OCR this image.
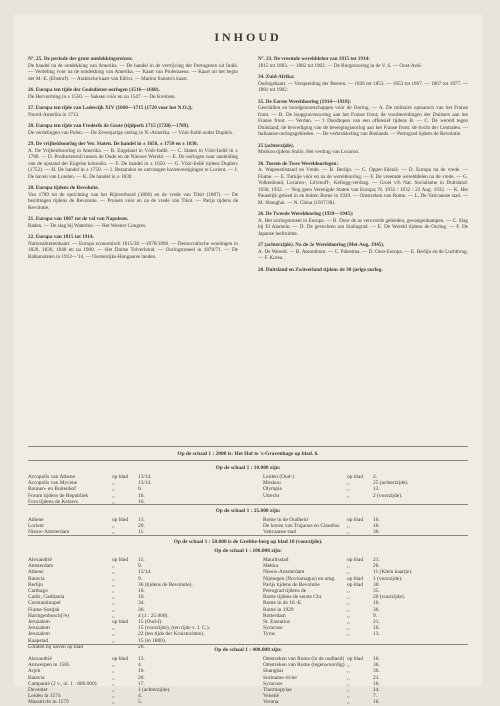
INHOUD
Nº. 25. De periode der grote ontdekkingsreizen:
De handel na de ontdekking van Amerika. — De handel in de vertrijving der Portugezen uit Indië. — Verdeling voor na de ontdekking van Amerika. — Kaart van Ptolemaeus. — Kaart uit het begin der M.-E. (Ebstorf). — Arabische kaart van Edrisi. — Marino Sanuto's kaart.
26. Europa ten tijde der Godsdienst-oorlogen (1516—1660).
De Hervorming in ± 1550. — Saksen vóór en na 1547. — De Kreitsen.
27. Europa ten tijde van Lodewijk XIV (1660—1715 (1720 voor het N.O.)).
Noord-Amerika in 1713.
28. Europa ten tijde van Frederik de Grote (tijdperk 1715 (1720)—1789).
De verdelingen van Polen. — De Zevenjarige oorlog in N.-Amerika. — Vóór-Indië onder Dupleix.
29. De vrijheidsoorlog der Ver. Staten. De handel in ± 1650, ± 1750 en ± 1830.
A. De Vrijheidsoorlog in Amerika. — B. Engeland in Vóór-Indië. — C. Staten in Vóór-Indië in ± 1780. — D. Productenruil tussen de Oude en de Nieuwe Wereld. — E. De oorlogen naar aanleiding van de opstand der Engelse koloniën. — F. De handel in ± 1650. — G. Vóór-Indië tijdens Dupleix (1752). — H. De handel in ± 1750. — I. Bestanden en ontvangen havenvestigingen te Lorient. — J. De haven van Londen. — K. De handel in ± 1830.
20. Europa tijdens de Revolutie.
Van 1789 tot de oprichting van het Rijnverbond (1806) en de vrede van Tilsit (1807). — De bezittingen tijdens de Revolutie. — Pruisen vóór en na de vrede van Tilsit. — Parijs tijdens de Revolutie.
21. Europa van 1807 tot de val van Napoleon.
Baden. — De slag bij Waterloo. — Het Weener Congres.
22. Europa van 1815 tot 1914.
Nationaliteitenkaart. — Europa economisch 1815/30 —1870/1890. — Democratische woelingen in 1820, 1830, 1848 en na 1900. — Het Duitse Tolverbond. — Oorlogstoneel in 1870/71. — De Balkanstaten in 1912—'14. — Oostenrijks-Hongaarse landen.
Nº. 33. De vreemde werelddelen van 1815 tot 1914:
1815 tot 1883. — 1882 tot 1902. — De Burgeroorlog in de V. S. — Oost-Azië.
34. Zuid-Afrika:
Oorlogskaart. — Verspreiding der Boeren. — 1836 tot 1853. — 1853 tot 1867. — 1867 tot 1877. — 1881 tot 1902.
35. De Eerste Wereldoorlog (1914—1918):
Geschillen en bondgenootschappen vóór de Oorlog. — A. De militaire opmarsch van het Franse front. — B. De loopgravenoorlog aan het Franse front; de voorbereidingen der Duitsers aan het Franse front. — Verdun. — 't Doodtopen van een offensief tijdens B. — C. De wereld tegen Duitsland; de bevrediging van de bewegingsoorlog aan het Franse front; de bocht der Centralen. — Italiaanse oorlogsgebieden. — De verbrokkeling van Ruslands. — Petrograd tijdens de Revolutie.
25 (achterzijde).
Moskou tijdens Stalin. Het verdrag van Locarno.
36. Tussen de Twee Wereldoorlogen:
A. Wapenstilstand en Vrede. — B. Berlijn. — C. Opper-Silezië. — D. Europa na de vrede. — Fiume. — E. Turkije vóór en na de wereldoorlog. — F. De vreemde werelddelen na de vrede. — G. Volkenbond, Locarno-, Litvinoff-, Kellogg-verdrag. — Groei v/h Nat. Socialisme in Duitsland: 1930, 1932. — Nog geen Verenigde Staten van Europa; N. 1932 / 1932 / 23 Aug. 1932. — K. Het Pauselijk gebied in en buiten Rome in 1929. — Omstreken van Rome. — L. De Vaticaanse stad. — M. Shanghai. — N. China (1937/38).
26. De Tweede Wereldoorlog (1939—1945):
A. Het oorlogstoneel in Europa. — B. Door de as veroverde gebieden, gevangenkampen. — C. Slag bij El Alamein. — D. De gevechten om Stalingrad. — E. De Wereld tijdens de Oorlog. — F. De Japanse leefruimte.
27 (achterzijde). Na de 2e Wereldoorlog (Mei-Aug. 1945).
A. De Wereld. — B. Atoombom. — C. Palestina. — D. Oost-Europa. — E. Berlijn en de Luchtbrug. — F. Korea.
28. Duitsland en Zwitserland tijdens de 30-jarige oorlog.
Op de schaal 1 : 2000 is: Het Hof te 's-Gravenhage op blad. 6.
Op de schaal 1 : 10.000 zijn:
Acropolis van Athene	op blad	13/14.
Acropolis van Mycene	,,	13/14.
Bonnen- en Buitenhof	,,	6.
Forum tijdens de Republiek	,,	16.
Fora tijdens de Keizers	,,	16.
Leiden (Oud-)	op blad	2.
Moskou	,,	25 (achterzijde).
Olympia	,,	13.
Utrecht	,,	2 (voorzijde).
Op de schaal 1 : 25.000 zijn:
Athene	op blad	13.
Lorient	,,	20.
Nieuw-Amsterdam	,,	11.
Rome in de Oudheid	op blad	16.
De haven van Trajanus en Claudius	,,	16.
Vaticaanse stad	,,	36.
Op de schaal 1 : 50.000 is de Grebbe-berg op blad 10 (voorzijde).
Op de schaal 1 : 100.000 zijn:
Alexandrië	op blad	15.
Amsterdam	,,	9.
Athene	,,	13/14.
Batavia	,,	9.
Berlijn	,,	36 (tijdens de Revolutie).
Carthago	,,	16.
Cadiz, Gaditania	,,	16.
Constantinopel	,,	34.
Fiume-Sostjak	,,	36.
Haringenbosch(?e)	,,	4 (1 : 25.000).
Jeruzalem	op blad	15 (Oud-I).
Jeruzalem	,,	15 (voorzijde), (ten tijde v. J. C.).
Jeruzalem	,,	22 (ten tijde der Kruistochten).
Kaapstad	,,	15 (in 1800).
Londen bij haven op blad	20.
Mauritsstad	op blad	21.
Mekka	,,	26.
Nieuw-Amsterdam	,,	11 (Klein kaartje).
Nijmegen (Noviomagus) en omg.	op blad	1 (voorzijde).
Parijs tijdens de Revolutie	op blad	30.
Petrograd tijdens de	,,	35.
Rome tijdens de eerste Chr.	,,	20 (voorzijde).
Rome in de 16.-E.	,,	16.
Rome in 1929	,,	36.
Rotterdam	,,	9.
St. Eustatius	,,	21.
Syracuse	,,	16.
Tyrus	,,	13.
Op de schaal 1 : 400.000 zijn:
Alexandrië	op blad	13.
Antwerpen in 1585	,,	4.
Arjeh	,,	10.
Batavia	,,	20.
Campanië (2 v., ni. 1 : 800.000)	,,	17.
Deventer	,,	1 (achterzijde).
Leiden in 1574	,,	4.
Maastricht in 1579	,,	5.
Omstreken van Rome (in de oudheid) op blad	16.
Omstreken van Rome (tegenwoordig) ,,	36.
Shanghai	,,	36.
Suriname-rivier	,,	21.
Syracuse	,,	16.
Thermopylae	,,	14.
Venetië	,,	7.
Verona	,,	16.
